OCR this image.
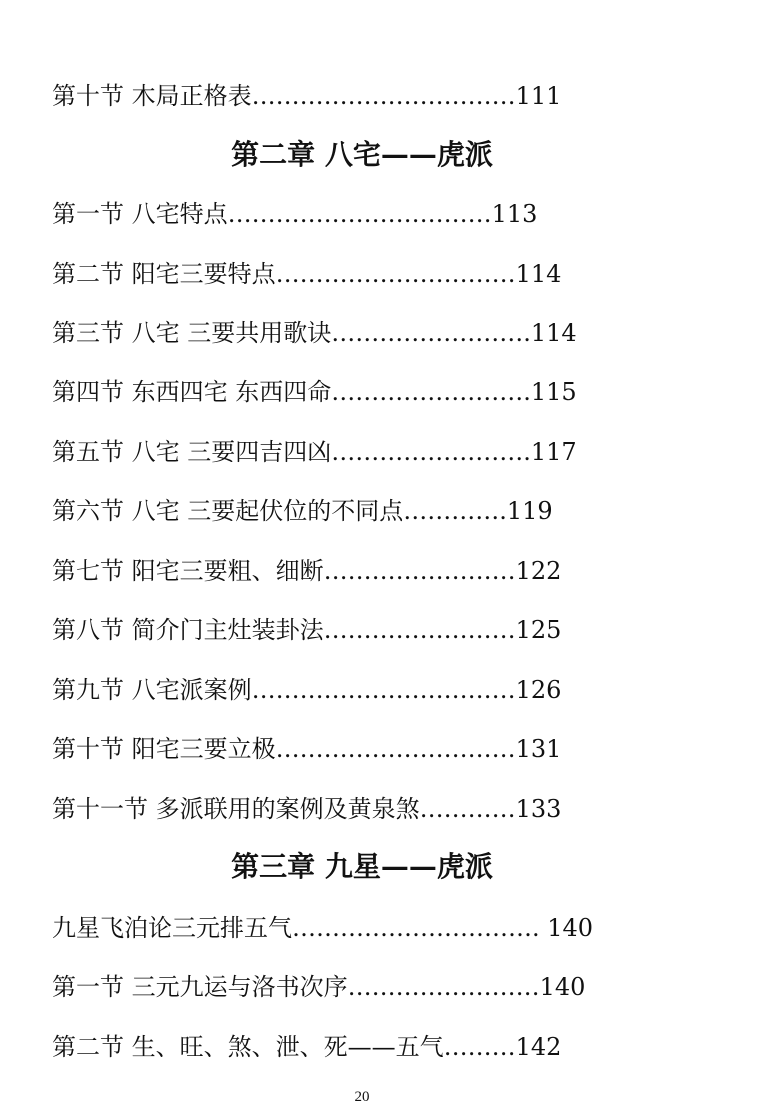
第十节 木局正格表……………………………111
第二章 八宅——虎派
第一节 八宅特点……………………………113
第二节 阳宅三要特点…………………………114
第三节 八宅 三要共用歌诀…………………….114
第四节 东西四宅 东西四命…………………….115
第五节 八宅 三要四吉四凶…………………….117
第六节 八宅 三要起伏位的不同点………….119
第七节 阳宅三要粗、细断……………………122
第八节 简介门主灶装卦法……………………125
第九节 八宅派案例……………………………126
第十节 阳宅三要立极…………………………131
第十一节 多派联用的案例及黄泉煞…………133
第三章 九星——虎派
九星飞泊论三元排五气…………………………. 140
第一节 三元九运与洛书次序……………………140
第二节 生、旺、煞、泄、死——五气………142
20
